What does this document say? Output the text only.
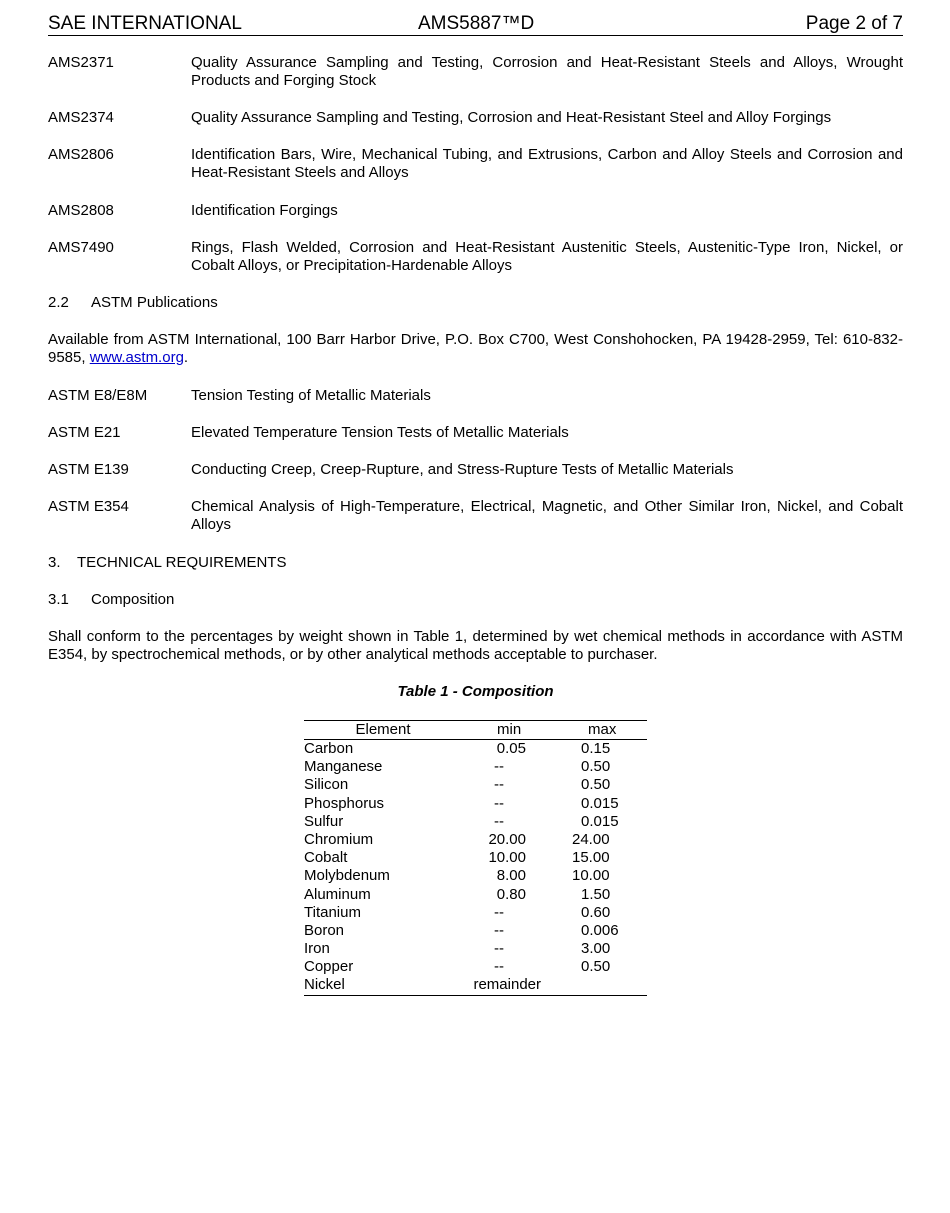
SAE INTERNATIONAL	AMS5887™D	Page 2 of 7
AMS2371	Quality Assurance Sampling and Testing, Corrosion and Heat-Resistant Steels and Alloys, Wrought Products and Forging Stock
AMS2374	Quality Assurance Sampling and Testing, Corrosion and Heat-Resistant Steel and Alloy Forgings
AMS2806	Identification Bars, Wire, Mechanical Tubing, and Extrusions, Carbon and Alloy Steels and Corrosion and Heat-Resistant Steels and Alloys
AMS2808	Identification Forgings
AMS7490	Rings, Flash Welded, Corrosion and Heat-Resistant Austenitic Steels, Austenitic-Type Iron, Nickel, or Cobalt Alloys, or Precipitation-Hardenable Alloys
2.2 ASTM Publications
Available from ASTM International, 100 Barr Harbor Drive, P.O. Box C700, West Conshohocken, PA 19428-2959, Tel: 610-832-9585, www.astm.org.
ASTM E8/E8M	Tension Testing of Metallic Materials
ASTM E21	Elevated Temperature Tension Tests of Metallic Materials
ASTM E139	Conducting Creep, Creep-Rupture, and Stress-Rupture Tests of Metallic Materials
ASTM E354	Chemical Analysis of High-Temperature, Electrical, Magnetic, and Other Similar Iron, Nickel, and Cobalt Alloys
3. TECHNICAL REQUIREMENTS
3.1 Composition
Shall conform to the percentages by weight shown in Table 1, determined by wet chemical methods in accordance with ASTM E354, by spectrochemical methods, or by other analytical methods acceptable to purchaser.
Table 1 - Composition
Element	min	max
Carbon	0.05	0.15
Manganese	--	0.50
Silicon	--	0.50
Phosphorus	--	0.015
Sulfur	--	0.015
Chromium	20.00	24.00
Cobalt	10.00	15.00
Molybdenum	8.00	10.00
Aluminum	0.80	1.50
Titanium	--	0.60
Boron	--	0.006
Iron	--	3.00
Copper	--	0.50
Nickel	remainder
